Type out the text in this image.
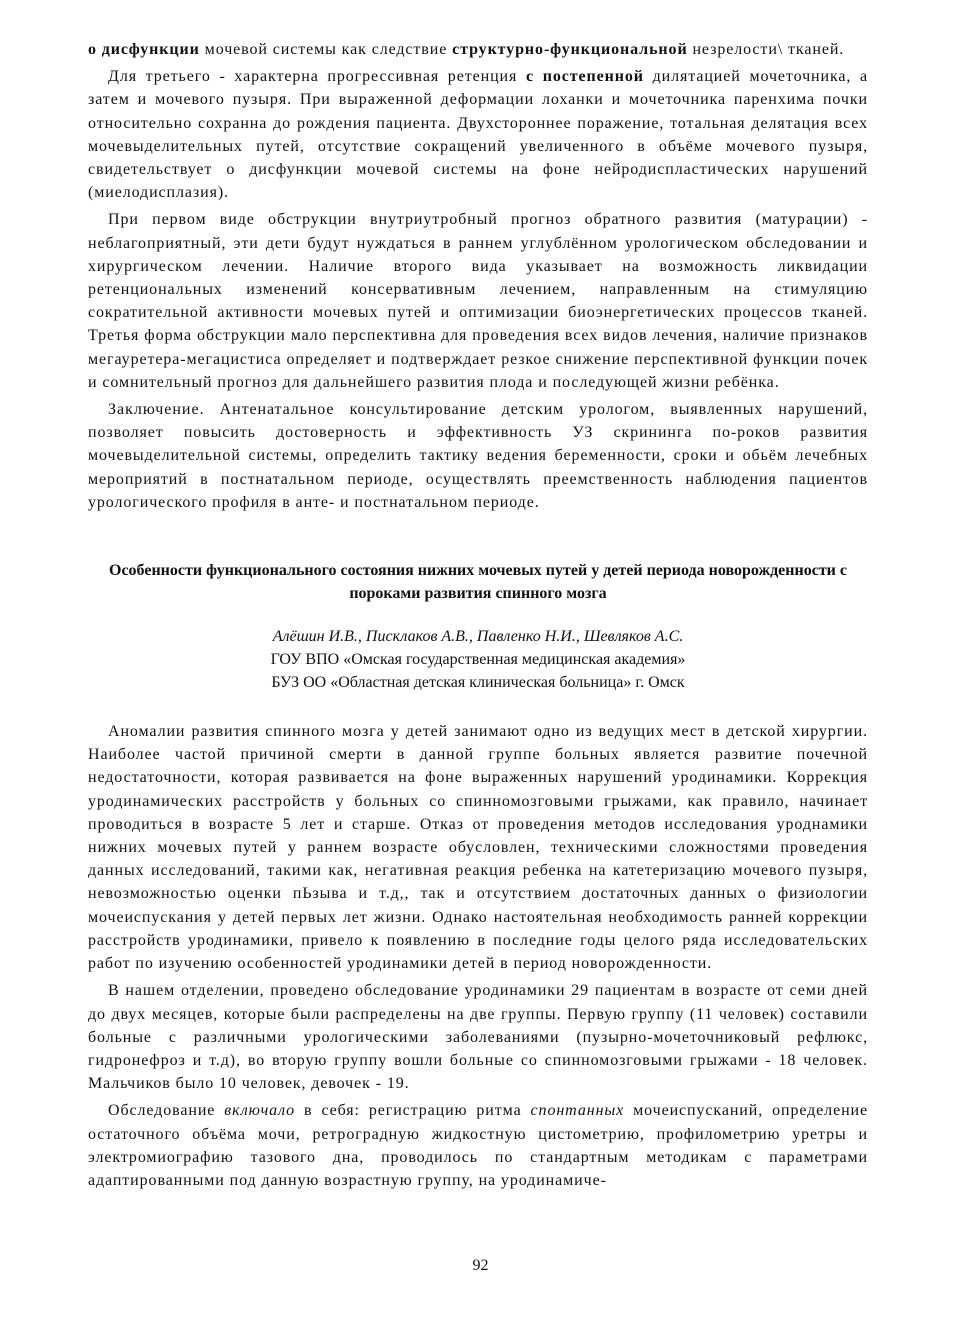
о дисфункции мочевой системы как следствие структурно-функциональной незрелости\ тканей.

Для третьего - характерна прогрессивная ретенция с постепенной дилятацией мочеточника, а затем и мочевого пузыря. При выраженной деформации лоханки и мочеточника паренхима почки относительно сохранна до рождения пациента. Двухстороннее поражение, тотальная делятация всех мочевыделительных путей, отсутствие сокращений увеличенного в объёме мочевого пузыря, свидетельствует о дисфункции мочевой системы на фоне нейродиспластических нарушений (миелодисплазия).

При первом виде обструкции внутриутробный прогноз обратного развития (матурации) - неблагоприятный, эти дети будут нуждаться в раннем углублённом урологическом обследовании и хирургическом лечении. Наличие второго вида указывает на возможность ликвидации ретенциональных изменений консервативным лечением, направленным на стимуляцию сократительной активности мочевых путей и оптимизации биоэнергетических процессов тканей. Третья форма обструкции мало перспективна для проведения всех видов лечения, наличие признаков мегауретера-мегацистиса определяет и подтверждает резкое снижение перспективной функции почек и сомнительный прогноз для дальнейшего развития плода и последующей жизни ребёнка.

Заключение. Антенатальное консультирование детским урологом, выявленных нарушений, позволяет повысить достоверность и эффективность УЗ скрининга по-роков развития мочевыделительной системы, определить тактику ведения беременности, сроки и обьём лечебных мероприятий в постнатальном периоде, осуществлять преемственность наблюдения пациентов урологического профиля в анте- и постнатальном периоде.

Особенности функционального состояния нижних мочевых путей у детей периода новорожденности с пороками развития спинного мозга
Алёшин И.В., Писклаков А.В., Павленко Н.И., Шевляков А.С.
ГОУ ВПО «Омская государственная медицинская академия»
БУЗ ОО «Областная детская клиническая больница» г. Омск

Аномалии развития спинного мозга у детей занимают одно из ведущих мест в детской хирургии. Наиболее частой причиной смерти в данной группе больных является развитие почечной недостаточности, которая развивается на фоне выраженных нарушений уродинамики. Коррекция уродинамических расстройств у больных со спинномозговыми грыжами, как правило, начинает проводиться в возрасте 5 лет и старше. Отказ от проведения методов исследования уроднамики нижних мочевых путей у раннем возрасте обусловлен, техническими сложностями проведения данных исследований, такими как, негативная реакция ребенка на катетеризацию мочевого пузыря, невозможностью оценки пЬзыва и т.д,, так и отсутствием достаточных данных о физиологии мочеиспускания у детей первых лет жизни. Однако настоятельная необходимость ранней коррекции расстройств уродинамики, привело к появлению в последние годы целого ряда исследовательских работ по изучению особенностей уродинамики детей в период новорожденности.

В нашем отделении, проведено обследование уродинамики 29 пациентам в возрасте от семи дней до двух месяцев, которые были распределены на две группы. Первую группу (11 человек) составили больные с различными урологическими заболеваниями (пузырно-мочеточниковый рефлюкс, гидронефроз и т.д), во вторую группу вошли больные со спинномозговыми грыжами - 18 человек. Мальчиков было 10 человек, девочек - 19.

Обследование включало в себя: регистрацию ритма спонтанных мочеиспусканий, определение остаточного объёма мочи, ретроградную жидкостную цистометрию, профилометрию уретры и электромиографию тазового дна, проводилось по стандартным методикам с параметрами адаптированными под данную возрастную группу, на уродинамиче-

92
